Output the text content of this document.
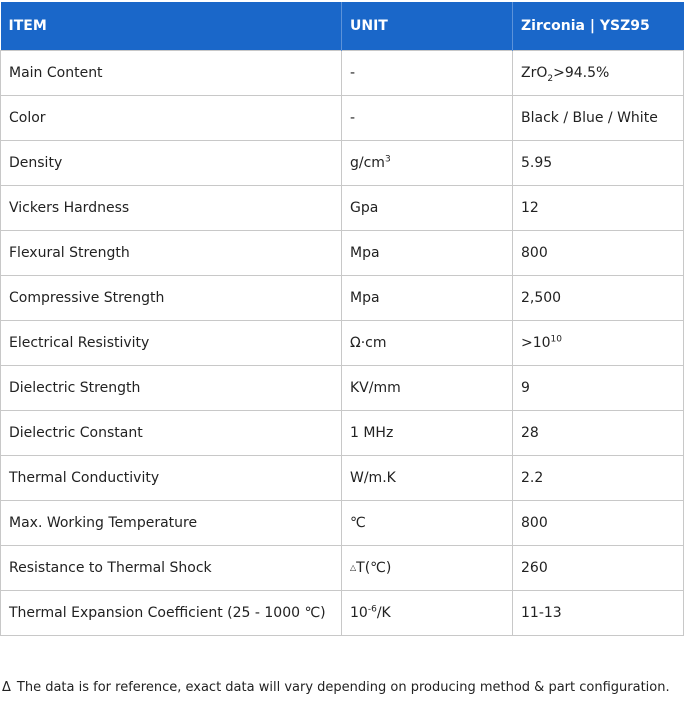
ITEM	UNIT	Zirconia | YSZ95
Main Content	-	ZrO$_2$>94.5%
Color	-	Black / Blue / White
Density	$g/cm^3$	5.95
Vickers Hardness	Gpa	12
Flexural Strength	Mpa	800
Compressive Strength	Mpa	2,500
Electrical Resistivity	Ω·cm	$>10^{10}$
Dielectric Strength	KV/mm	9
Dielectric Constant	1 MHz	28
Thermal Conductivity	W/m.K	2.2
Max. Working Temperature	℃	800
Resistance to Thermal Shock	△T(℃)	260
Thermal Expansion Coefficient (25 - 1000 ℃)	$10^{-6}/K$	11-13
Δ The data is for reference, exact data will vary depending on producing method & part configuration.
